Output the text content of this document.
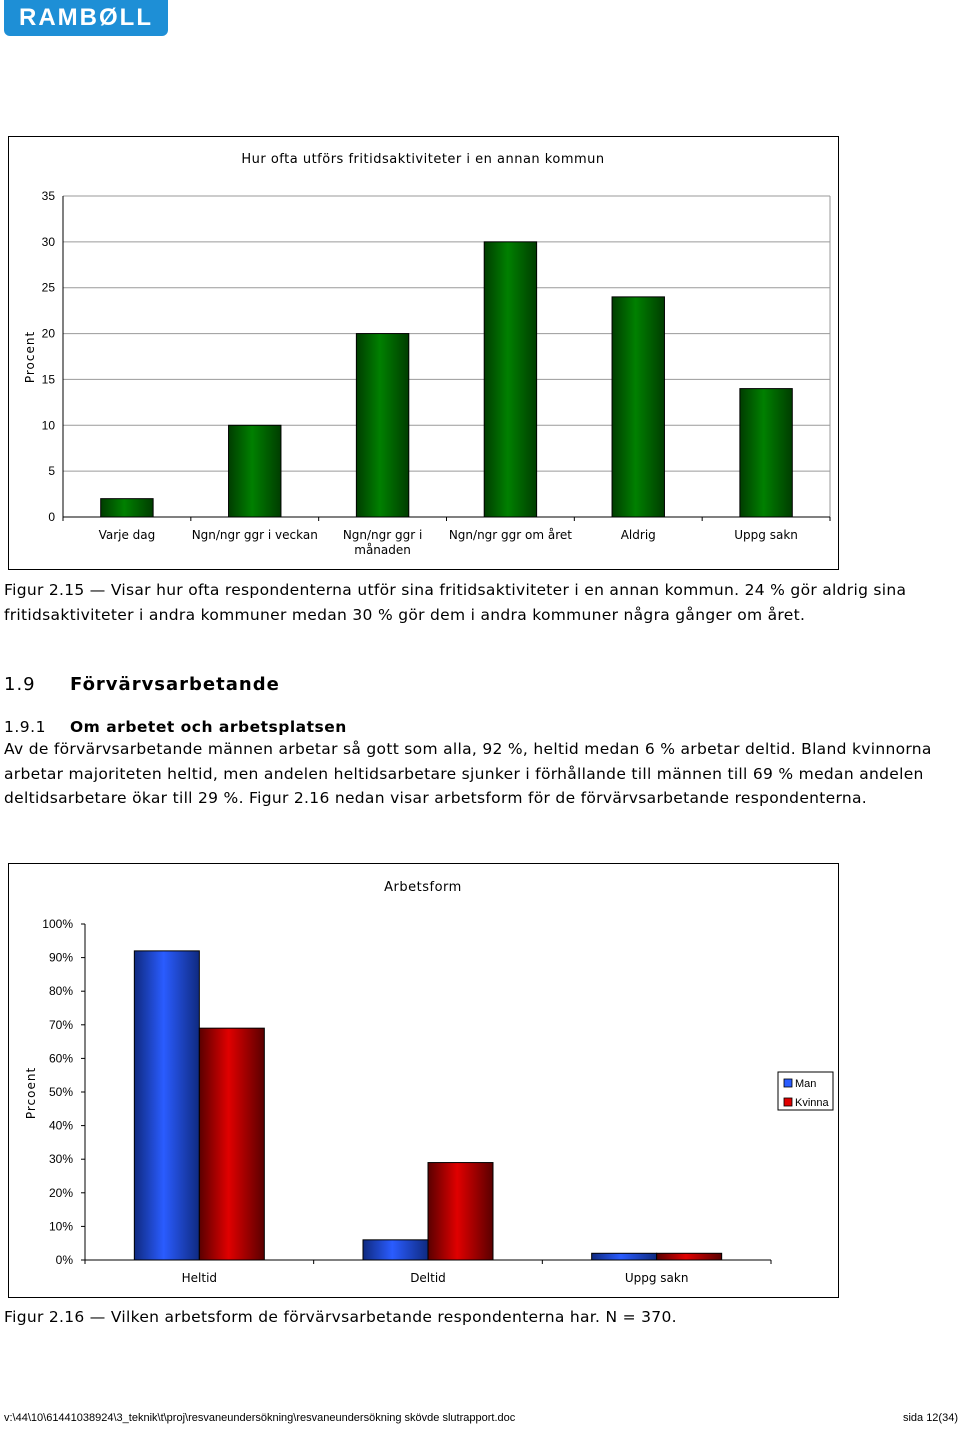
RAMBØLL
Hur ofta utförs fritidsaktiviteter i en annan kommun
Procent
0
5
10
15
20
25
30
35
Varje dag	Ngn/ngr ggr i veckan Ngn/ngr ggr i
månaden
Ngn/ngr ggr om året	Aldrig	Uppg sakn
Figur 2.15 — Visar hur ofta respondenterna utför sina fritidsaktiviteter i en annan kommun. 24 % gör aldrig sina fritidsaktiviteter i andra kommuner medan 30 % gör dem i andra kommuner några gånger om året.
1.9	Förvärvsarbetande
1.9.1	Om arbetet och arbetsplatsen
Av de förvärvsarbetande männen arbetar så gott som alla, 92 %, heltid medan 6 % arbetar deltid. Bland kvinnorna arbetar majoriteten heltid, men andelen heltidsarbetare sjunker i förhållande till männen till 69 % medan andelen deltidsarbetare ökar till 29 %. Figur 2.16 nedan visar arbetsform för de förvärvsarbetande respondenterna.
Arbetsform
Prcoent
0%
10%
20%
30%
40%
50%
60%
70%
80%
90%
100%
Heltid	Deltid	Uppg sakn
Man
Kvinna
Figur 2.16 — Vilken arbetsform de förvärvsarbetande respondenterna har. N = 370.
v:\44\10\61441038924\3_teknik\t\proj\resvaneundersökning\resvaneundersökning skövde slutrapport.doc	sida 12(34)
